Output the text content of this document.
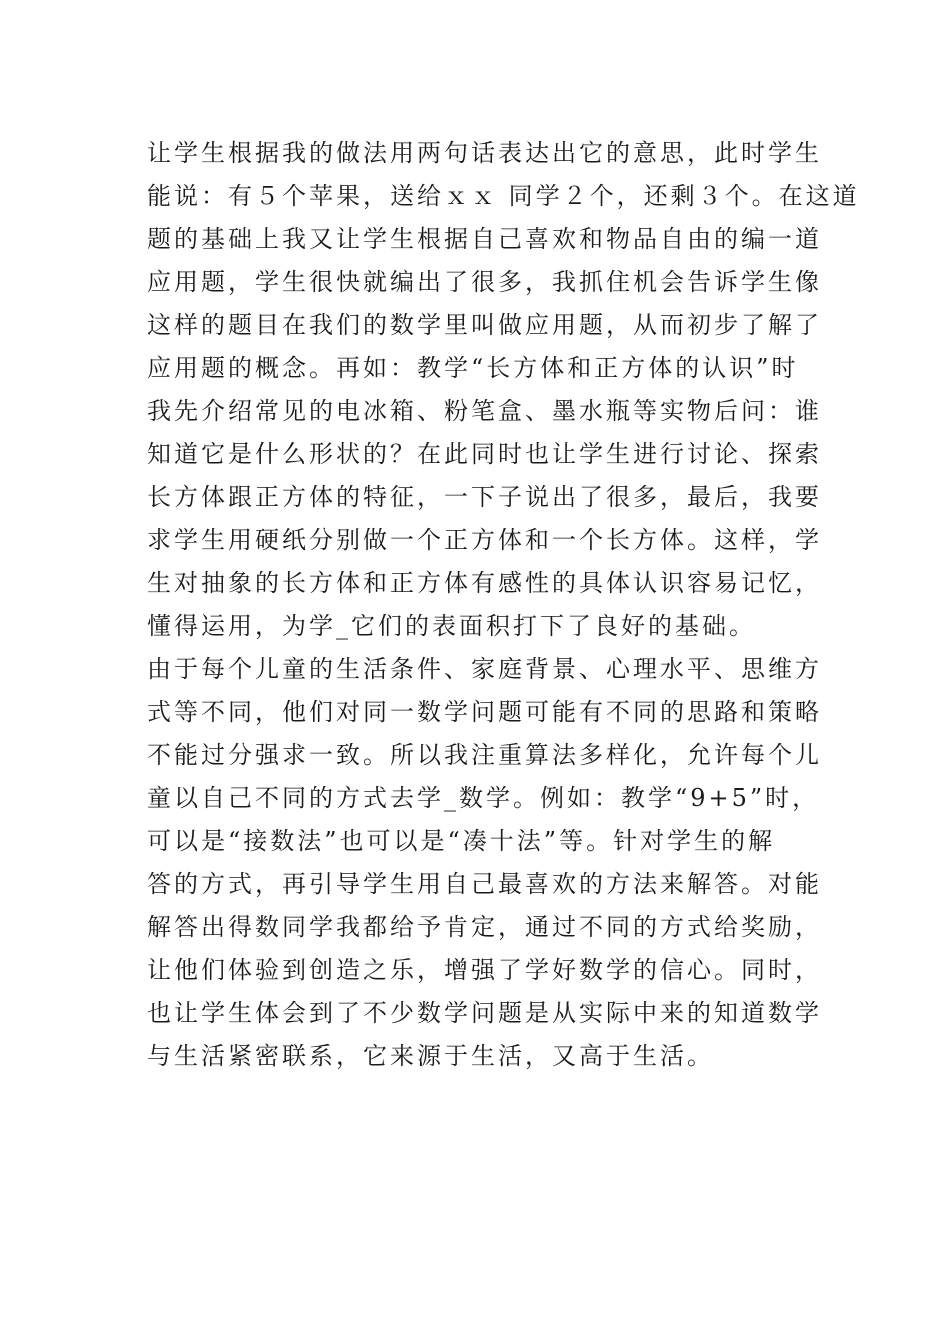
让学生根据我的做法用两句话表达出它的意思，此时学生
能说：有５个苹果，送给ｘｘ 同学２个，还剩３个。在这道
题的基础上我又让学生根据自己喜欢和物品自由的编一道
应用题，学生很快就编出了很多，我抓住机会告诉学生像
这样的题目在我们的数学里叫做应用题，从而初步了解了
应用题的概念。再如：教学“长方体和正方体的认识”时
我先介绍常见的电冰箱、粉笔盒、墨水瓶等实物后问：谁
知道它是什么形状的？在此同时也让学生进行讨论、探索
长方体跟正方体的特征，一下子说出了很多，最后，我要
求学生用硬纸分别做一个正方体和一个长方体。这样，学
生对抽象的长方体和正方体有感性的具体认识容易记忆，
懂得运用，为学_它们的表面积打下了良好的基础。
由于每个儿童的生活条件、家庭背景、心理水平、思维方
式等不同，他们对同一数学问题可能有不同的思路和策略
不能过分强求一致。所以我注重算法多样化，允许每个儿
童以自己不同的方式去学_数学。例如：教学“9+5”时，
可以是“接数法”也可以是“凑十法”等。针对学生的解
答的方式，再引导学生用自己最喜欢的方法来解答。对能
解答出得数同学我都给予肯定，通过不同的方式给奖励，
让他们体验到创造之乐，增强了学好数学的信心。同时，
也让学生体会到了不少数学问题是从实际中来的知道数学
与生活紧密联系，它来源于生活，又高于生活。
